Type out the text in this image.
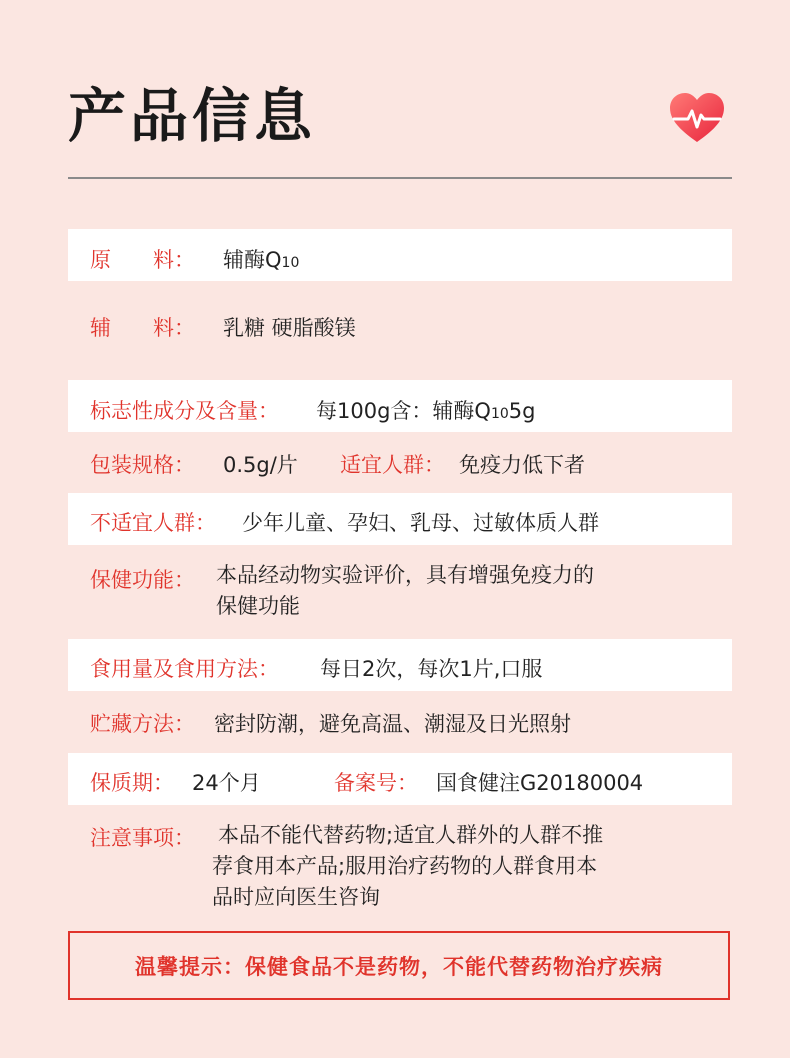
产品信息
原　　料： 辅酶Q10
辅　　料： 乳糖 硬脂酸镁
标志性成分及含量： 每100g含：辅酶Q105g
包装规格： 0.5g/片 适宜人群： 免疫力低下者
不适宜人群： 少年儿童、孕妇、乳母、过敏体质人群
保健功能： 本品经动物实验评价，具有增强免疫力的
保健功能
食用量及食用方法： 每日2次，每次1片,口服
贮藏方法： 密封防潮，避免高温、潮湿及日光照射
保质期： 24个月	备案号： 国食健注G20180004
注意事项： 本品不能代替药物;适宜人群外的人群不推
荐食用本产品;服用治疗药物的人群食用本
品时应向医生咨询
温馨提示：保健食品不是药物，不能代替药物治疗疾病
